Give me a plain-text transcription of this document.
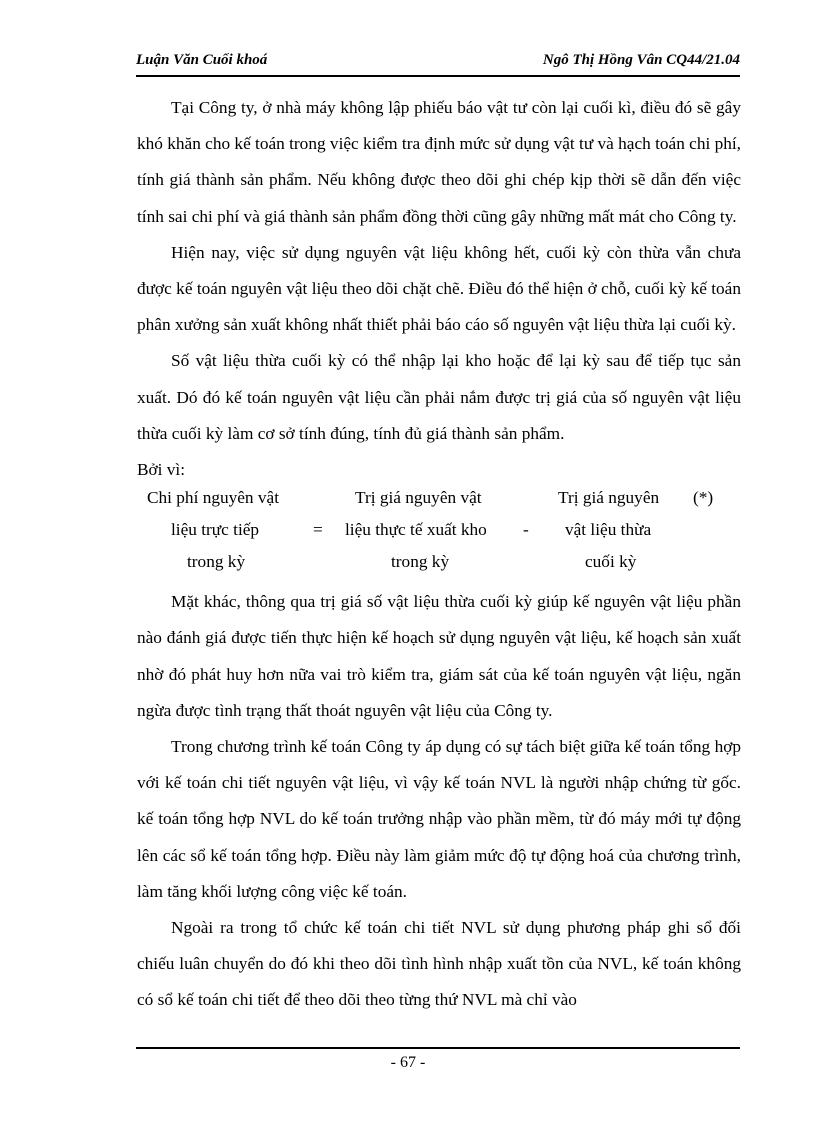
Luận Văn Cuối khoá	Ngô Thị Hồng Vân CQ44/21.04

Tại Công ty, ở nhà máy không lập phiếu báo vật tư còn lại cuối kì, điều đó sẽ gây khó khăn cho kế toán trong việc kiểm tra định mức sử dụng vật tư và hạch toán chi phí, tính giá thành sản phẩm. Nếu không được theo dõi ghi chép kịp thời sẽ dẫn đến việc tính sai chi phí và giá thành sản phẩm đồng thời cũng gây những mất mát cho Công ty.

Hiện nay, việc sử dụng nguyên vật liệu không hết, cuối kỳ còn thừa vẫn chưa được kế toán nguyên vật liệu theo dõi chặt chẽ. Điều đó thể hiện ở chỗ, cuối kỳ kế toán phân xưởng sản xuất không nhất thiết phải báo cáo số nguyên vật liệu thừa lại cuối kỳ.

Số vật liệu thừa cuối kỳ có thể nhập lại kho hoặc để lại kỳ sau để tiếp tục sản xuất. Dó đó kế toán nguyên vật liệu cần phải nắm được trị giá của số nguyên vật liệu thừa cuối kỳ làm cơ sở tính đúng, tính đủ giá thành sản phẩm.

Bởi vì:

Chi phí nguyên vật
liệu trực tiếp
trong kỳ
=
Trị giá nguyên vật
liệu thực tế xuất kho
trong kỳ
-
Trị giá nguyên
vật liệu thừa
cuối kỳ
(*)

Mặt khác, thông qua trị giá số vật liệu thừa cuối kỳ giúp kế nguyên vật liệu phần nào đánh giá được tiến thực hiện kế hoạch sử dụng nguyên vật liệu, kế hoạch sản xuất nhờ đó phát huy hơn nữa vai trò kiểm tra, giám sát của kế toán nguyên vật liệu, ngăn ngừa được tình trạng thất thoát nguyên vật liệu của Công ty.

Trong chương trình kế toán Công ty áp dụng có sự tách biệt giữa kế toán tổng hợp với kế toán chi tiết nguyên vật liệu, vì vậy kế toán NVL là người nhập chứng từ gốc. kế toán tổng hợp NVL do kế toán trưởng nhập vào phần mềm, từ đó máy mới tự động lên các sổ kế toán tổng hợp. Điều này làm giảm mức độ tự động hoá của chương trình, làm tăng khối lượng công việc kế toán.

Ngoài ra trong tổ chức kế toán chi tiết NVL sử dụng phương pháp ghi sổ đối chiếu luân chuyển do đó khi theo dõi tình hình nhập xuất tồn của NVL, kế toán không có sổ kế toán chi tiết để theo dõi theo từng thứ NVL mà chỉ vào

- 67 -
